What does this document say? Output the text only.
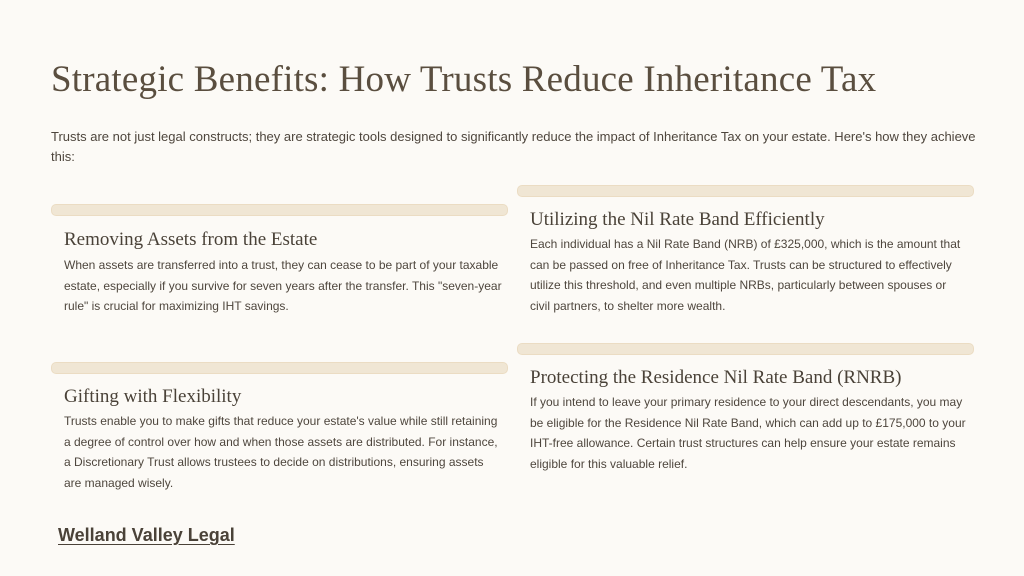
Strategic Benefits: How Trusts Reduce Inheritance Tax

Trusts are not just legal constructs; they are strategic tools designed to significantly reduce the impact of Inheritance Tax on your estate. Here's how they achieve this:

Removing Assets from the Estate

When assets are transferred into a trust, they can cease to be part of your taxable estate, especially if you survive for seven years after the transfer. This "seven-year rule" is crucial for maximizing IHT savings.

Utilizing the Nil Rate Band Efficiently

Each individual has a Nil Rate Band (NRB) of £325,000, which is the amount that can be passed on free of Inheritance Tax. Trusts can be structured to effectively utilize this threshold, and even multiple NRBs, particularly between spouses or civil partners, to shelter more wealth.

Gifting with Flexibility

Trusts enable you to make gifts that reduce your estate's value while still retaining a degree of control over how and when those assets are distributed. For instance, a Discretionary Trust allows trustees to decide on distributions, ensuring assets are managed wisely.

Protecting the Residence Nil Rate Band (RNRB)

If you intend to leave your primary residence to your direct descendants, you may be eligible for the Residence Nil Rate Band, which can add up to £175,000 to your IHT-free allowance. Certain trust structures can help ensure your estate remains eligible for this valuable relief.

Welland Valley Legal
